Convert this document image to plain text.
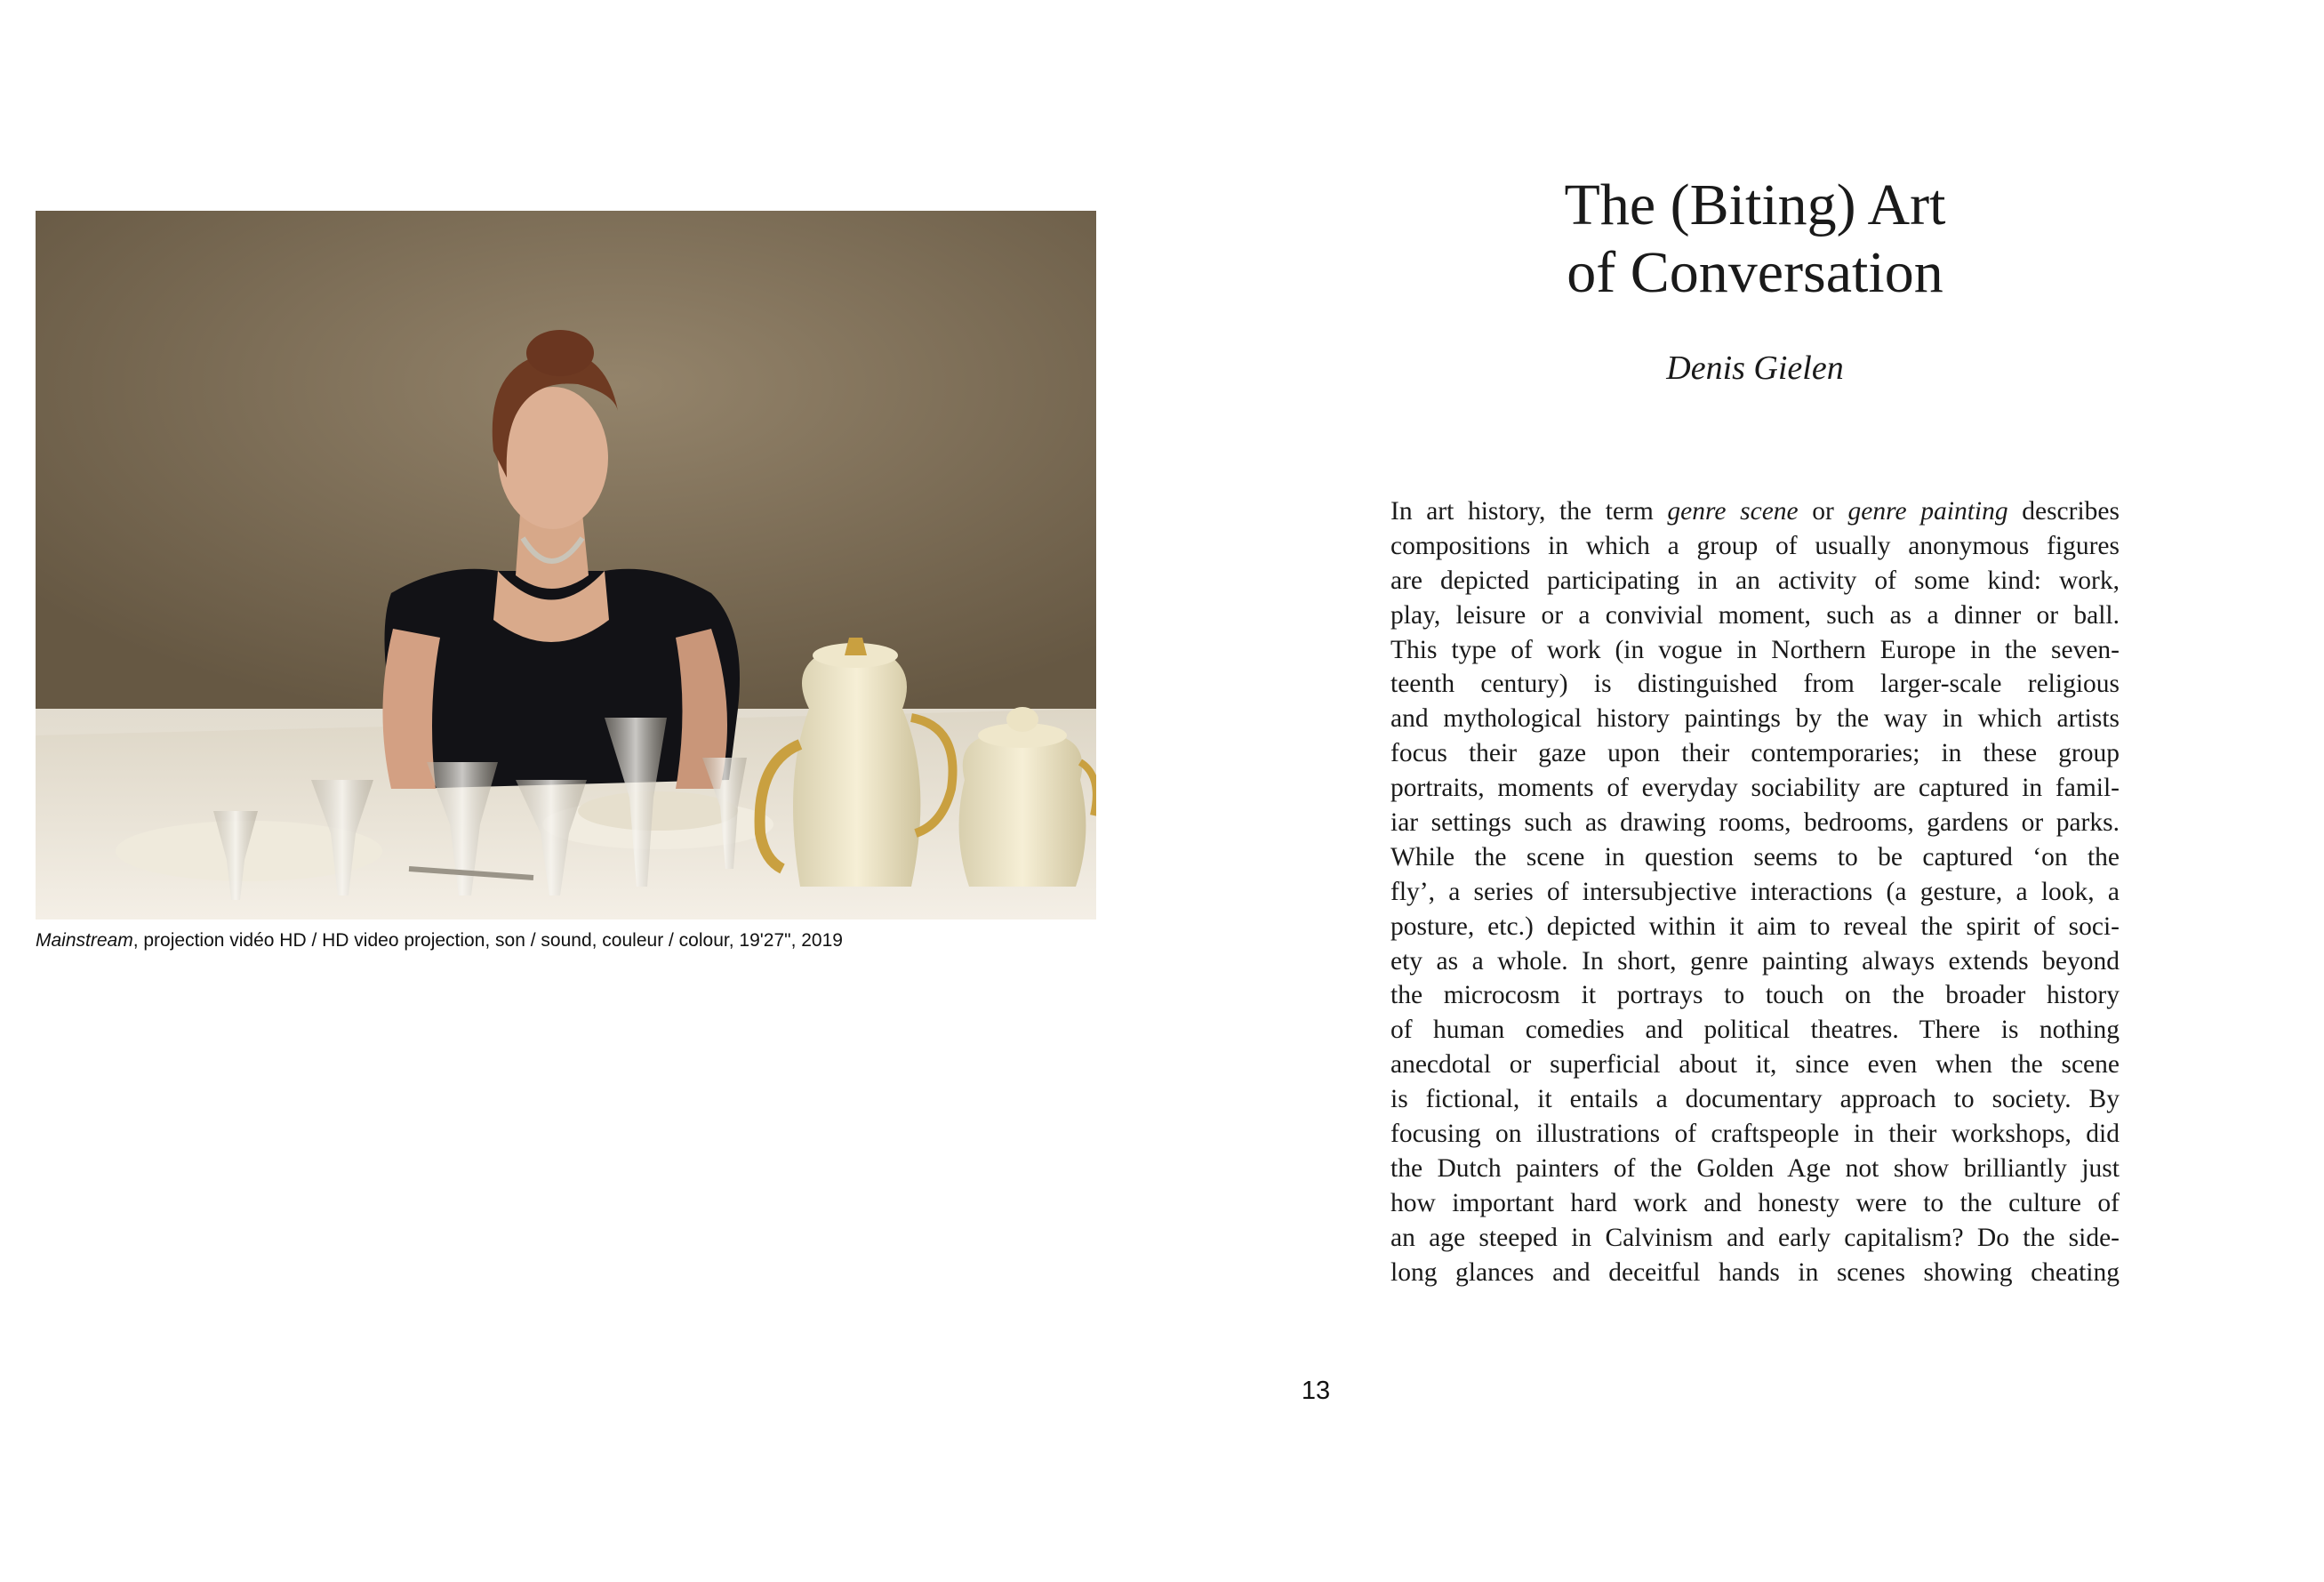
Mainstream, projection vidéo HD / HD video projection, son / sound, couleur / colour, 19'27", 2019
The (Biting) Art
of Conversation
Denis Gielen
In art history, the term genre scene or genre painting describes
compositions in which a group of usually anonymous figures
are depicted participating in an activity of some kind: work,
play, leisure or a convivial moment, such as a dinner or ball.
This type of work (in vogue in Northern Europe in the seven-
teenth century) is distinguished from larger-scale religious
and mythological history paintings by the way in which artists
focus their gaze upon their contemporaries; in these group
portraits, moments of everyday sociability are captured in famil-
iar settings such as drawing rooms, bedrooms, gardens or parks.
While the scene in question seems to be captured ‘on the
fly’, a series of intersubjective interactions (a gesture, a look, a
posture, etc.) depicted within it aim to reveal the spirit of soci-
ety as a whole. In short, genre painting always extends beyond
the microcosm it portrays to touch on the broader history
of human comedies and political theatres. There is nothing
anecdotal or superficial about it, since even when the scene
is fictional, it entails a documentary approach to society. By
focusing on illustrations of craftspeople in their workshops, did
the Dutch painters of the Golden Age not show brilliantly just
how important hard work and honesty were to the culture of
an age steeped in Calvinism and early capitalism? Do the side-
long glances and deceitful hands in scenes showing cheating
13
